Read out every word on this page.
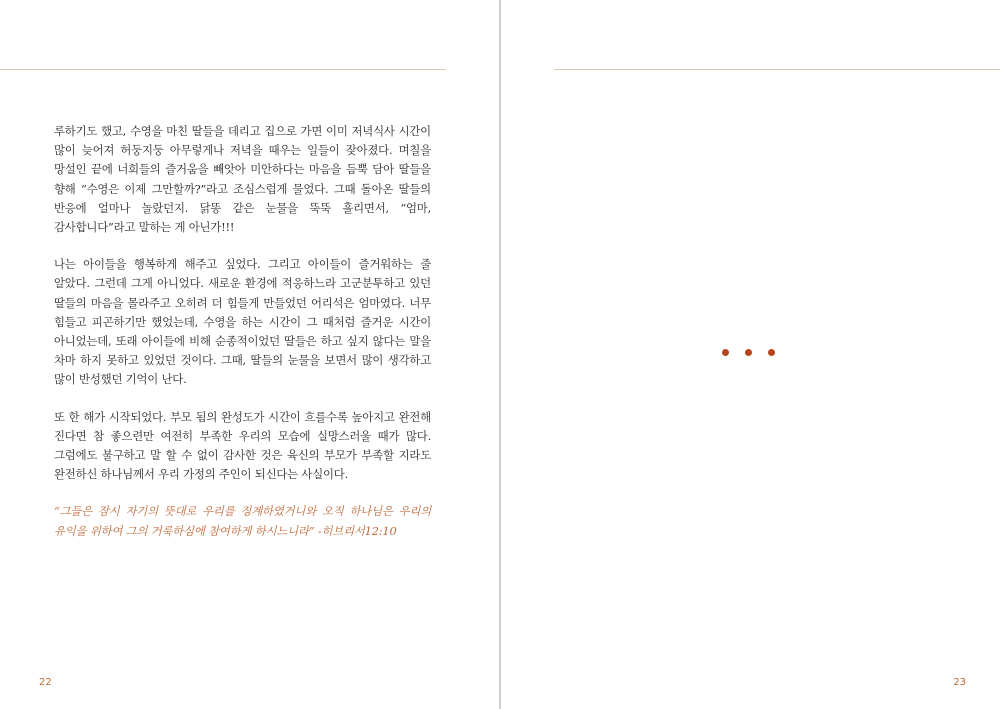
루하기도 했고, 수영을 마친 딸들을 데리고 집으로 가면 이미 저녁식사 시간이 많이 늦어져 허둥지둥 아무렇게나 저녁을 때우는 일들이 잦아졌다. 며칠을 망설인 끝에 너희들의 즐거움을 빼앗아 미안하다는 마음을 듬뿍 담아 딸들을 향해 “수영은 이제 그만할까?”라고 조심스럽게 물었다. 그때 돌아온 딸들의 반응에 얼마나 놀랐던지. 닭똥 같은 눈물을 뚝뚝 흘리면서, “엄마, 감사합니다”라고 말하는 게 아닌가!!!

나는 아이들을 행복하게 해주고 싶었다. 그리고 아이들이 즐거워하는 줄 알았다. 그런데 그게 아니었다. 새로운 환경에 적응하느라 고군분투하고 있던 딸들의 마음을 몰라주고 오히려 더 힘들게 만들었던 어리석은 엄마였다. 너무 힘들고 피곤하기만 했었는데, 수영을 하는 시간이 그 때처럼 즐거운 시간이 아니었는데, 또래 아이들에 비해 순종적이었던 딸들은 하고 싶지 않다는 말을 차마 하지 못하고 있었던 것이다. 그때, 딸들의 눈물을 보면서 많이 생각하고 많이 반성했던 기억이 난다.

또 한 해가 시작되었다. 부모 됨의 완성도가 시간이 흐를수록 높아지고 완전해 진다면 참 좋으련만 여전히 부족한 우리의 모습에 실망스러울 때가 많다. 그럼에도 불구하고 말 할 수 없이 감사한 것은 육신의 부모가 부족할 지라도 완전하신 하나님께서 우리 가정의 주인이 되신다는 사실이다.

“그들은 잠시 자기의 뜻대로 우리를 징계하였거니와 오직 하나님은 우리의 유익을 위하여 그의 거룩하심에 참여하게 하시느니라” -히브리서12:10

22	23
